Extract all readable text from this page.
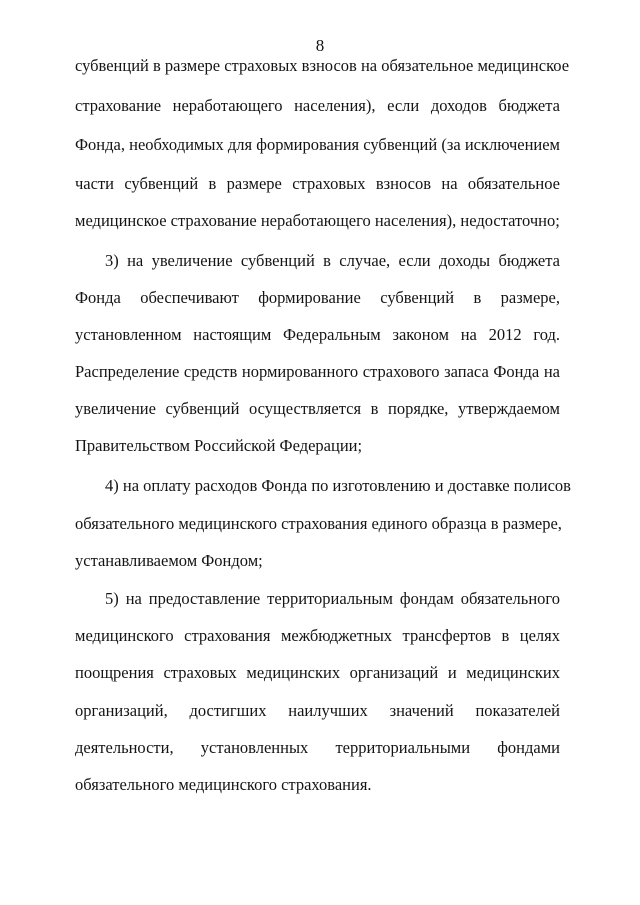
8
субвенций в размере страховых взносов на обязательное медицинское
страхование неработающего населения), если доходов бюджета
Фонда, необходимых для формирования субвенций (за исключением
части субвенций в размере страховых взносов на обязательное
медицинское страхование неработающего населения), недостаточно;
3) на увеличение субвенций в случае, если доходы бюджета
Фонда обеспечивают формирование субвенций в размере,
установленном настоящим Федеральным законом на 2012 год.
Распределение средств нормированного страхового запаса Фонда на
увеличение субвенций осуществляется в порядке, утверждаемом
Правительством Российской Федерации;
4) на оплату расходов Фонда по изготовлению и доставке полисов
обязательного медицинского страхования единого образца в размере,
устанавливаемом Фондом;
5) на предоставление территориальным фондам обязательного
медицинского страхования межбюджетных трансфертов в целях
поощрения страховых медицинских организаций и медицинских
организаций, достигших наилучших значений показателей
деятельности, установленных территориальными фондами
обязательного медицинского страхования.
